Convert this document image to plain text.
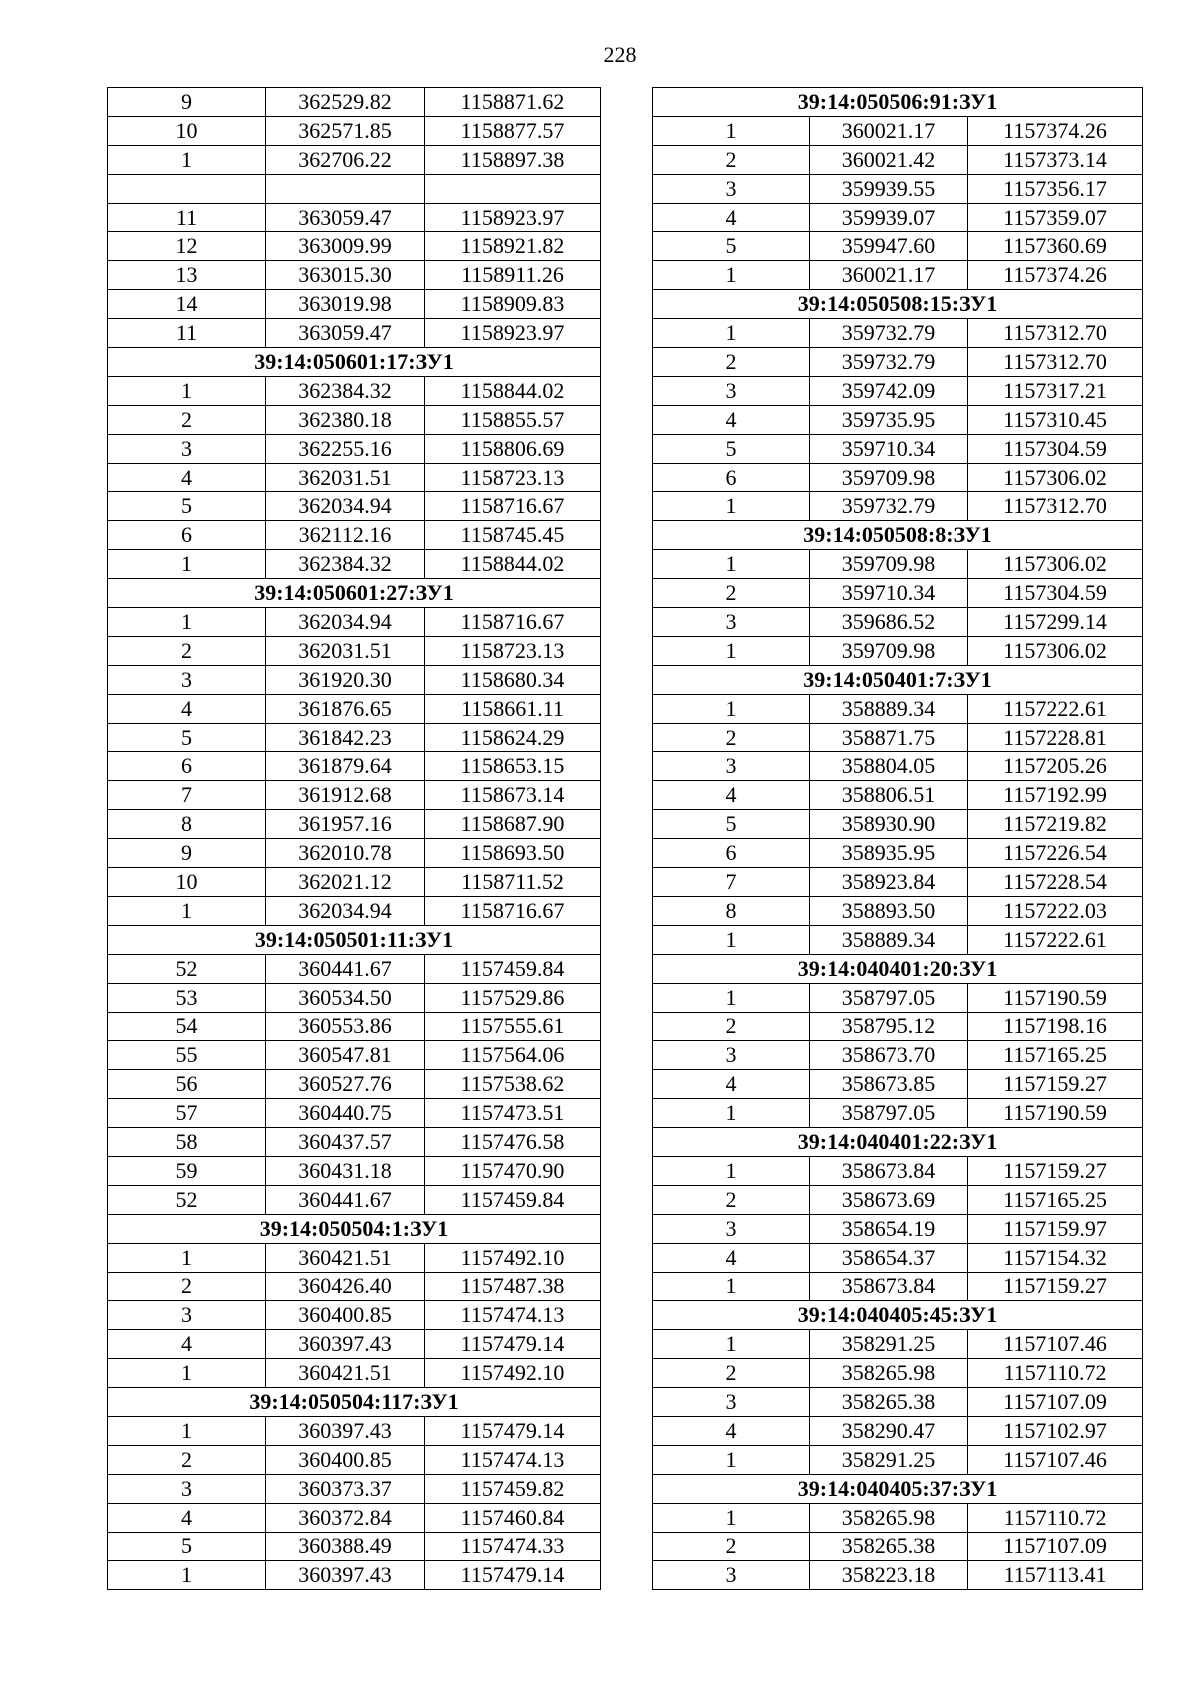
228
9	362529.82	1158871.62
10	362571.85	1158877.57
1	362706.22	1158897.38

11	363059.47	1158923.97
12	363009.99	1158921.82
13	363015.30	1158911.26
14	363019.98	1158909.83
11	363059.47	1158923.97
39:14:050601:17:ЗУ1		
1	362384.32	1158844.02
2	362380.18	1158855.57
3	362255.16	1158806.69
4	362031.51	1158723.13
5	362034.94	1158716.67
6	362112.16	1158745.45
1	362384.32	1158844.02
39:14:050601:27:ЗУ1		
1	362034.94	1158716.67
2	362031.51	1158723.13
3	361920.30	1158680.34
4	361876.65	1158661.11
5	361842.23	1158624.29
6	361879.64	1158653.15
7	361912.68	1158673.14
8	361957.16	1158687.90
9	362010.78	1158693.50
10	362021.12	1158711.52
1	362034.94	1158716.67
39:14:050501:11:ЗУ1		
52	360441.67	1157459.84
53	360534.50	1157529.86
54	360553.86	1157555.61
55	360547.81	1157564.06
56	360527.76	1157538.62
57	360440.75	1157473.51
58	360437.57	1157476.58
59	360431.18	1157470.90
52	360441.67	1157459.84
39:14:050504:1:ЗУ1		
1	360421.51	1157492.10
2	360426.40	1157487.38
3	360400.85	1157474.13
4	360397.43	1157479.14
1	360421.51	1157492.10
39:14:050504:117:ЗУ1		
1	360397.43	1157479.14
2	360400.85	1157474.13
3	360373.37	1157459.82
4	360372.84	1157460.84
5	360388.49	1157474.33
1	360397.43	1157479.14
39:14:050506:91:ЗУ1		
1	360021.17	1157374.26
2	360021.42	1157373.14
3	359939.55	1157356.17
4	359939.07	1157359.07
5	359947.60	1157360.69
1	360021.17	1157374.26
39:14:050508:15:ЗУ1		
1	359732.79	1157312.70
2	359732.79	1157312.70
3	359742.09	1157317.21
4	359735.95	1157310.45
5	359710.34	1157304.59
6	359709.98	1157306.02
1	359732.79	1157312.70
39:14:050508:8:ЗУ1		
1	359709.98	1157306.02
2	359710.34	1157304.59
3	359686.52	1157299.14
1	359709.98	1157306.02
39:14:050401:7:ЗУ1		
1	358889.34	1157222.61
2	358871.75	1157228.81
3	358804.05	1157205.26
4	358806.51	1157192.99
5	358930.90	1157219.82
6	358935.95	1157226.54
7	358923.84	1157228.54
8	358893.50	1157222.03
1	358889.34	1157222.61
39:14:040401:20:ЗУ1		
1	358797.05	1157190.59
2	358795.12	1157198.16
3	358673.70	1157165.25
4	358673.85	1157159.27
1	358797.05	1157190.59
39:14:040401:22:ЗУ1		
1	358673.84	1157159.27
2	358673.69	1157165.25
3	358654.19	1157159.97
4	358654.37	1157154.32
1	358673.84	1157159.27
39:14:040405:45:ЗУ1		
1	358291.25	1157107.46
2	358265.98	1157110.72
3	358265.38	1157107.09
4	358290.47	1157102.97
1	358291.25	1157107.46
39:14:040405:37:ЗУ1		
1	358265.98	1157110.72
2	358265.38	1157107.09
3	358223.18	1157113.41
